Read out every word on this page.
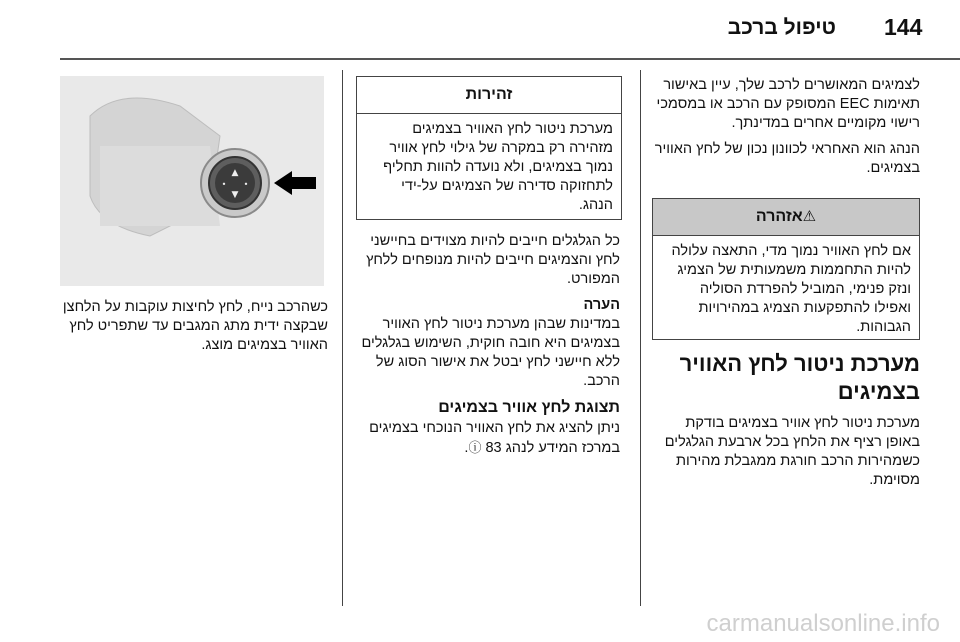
144
טיפול ברכב

לצמיגים המאושרים לרכב שלך, עיין באישור תאימות EEC המסופק עם הרכב או במסמכי רישוי מקומיים אחרים במדינתך.

הנהג הוא האחראי לכוונון נכון של לחץ האוויר בצמיגים.

⚠אזהרה
אם לחץ האוויר נמוך מדי, התאצה עלולה להיות התחממות משמעותית של הצמיג ונזק פנימי, המוביל להפרדת הסוליה ואפילו להתפקעות הצמיג במהירויות הגבוהות.
מערכת ניטור לחץ האוויר בצמיגים

מערכת ניטור לחץ אוויר בצמיגים בודקת באופן רציף את הלחץ בכל ארבעת הגלגלים כשמהירות הרכב חורגת ממגבלת מהירות מסוימת.

זהירות
מערכת ניטור לחץ האוויר בצמיגים מזהירה רק במקרה של גילוי לחץ אוויר נמוך בצמיגים, ולא נועדה להוות תחליף לתחזוקה סדירה של הצמיגים על-ידי הנהג.

כל הגלגלים חייבים להיות מצוידים בחיישני לחץ והצמיגים חייבים להיות מנופחים ללחץ המפורט.

הערה

במדינות שבהן מערכת ניטור לחץ האוויר בצמיגים היא חובה חוקית, השימוש בגלגלים ללא חיישני לחץ יבטל את אישור הסוג של הרכב.

תצוגת לחץ אוויר בצמיגים

ניתן להציג את לחץ האוויר הנוכחי בצמיגים במרכז המידע לנהג ⓘ 83.

▲
▼
• •
כשהרכב נייח, לחץ לחיצות עוקבות על הלחצן שבקצה ידית מתג המגבים עד שתפריט לחץ האוויר בצמיגים מוצג.
carmanualsonline.info
